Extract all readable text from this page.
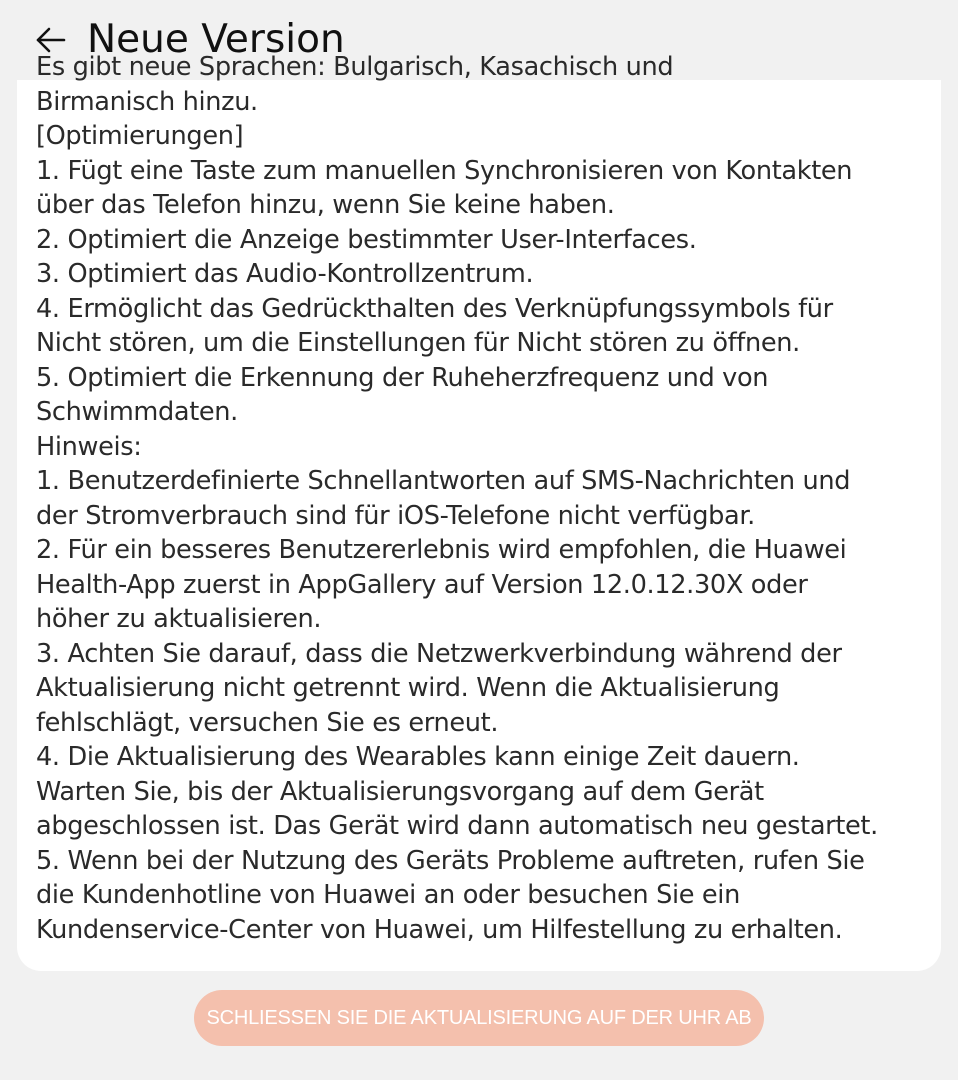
Neue Version
Es gibt neue Sprachen: Bulgarisch, Kasachisch und
Birmanisch hinzu.
[Optimierungen]
1. Fügt eine Taste zum manuellen Synchronisieren von Kontakten
über das Telefon hinzu, wenn Sie keine haben.
2. Optimiert die Anzeige bestimmter User-Interfaces.
3. Optimiert das Audio-Kontrollzentrum.
4. Ermöglicht das Gedrückthalten des Verknüpfungssymbols für
Nicht stören, um die Einstellungen für Nicht stören zu öffnen.
5. Optimiert die Erkennung der Ruheherzfrequenz und von
Schwimmdaten.
Hinweis:
1. Benutzerdefinierte Schnellantworten auf SMS-Nachrichten und
der Stromverbrauch sind für iOS-Telefone nicht verfügbar.
2. Für ein besseres Benutzererlebnis wird empfohlen, die Huawei
Health-App zuerst in AppGallery auf Version 12.0.12.30X oder
höher zu aktualisieren.
3. Achten Sie darauf, dass die Netzwerkverbindung während der
Aktualisierung nicht getrennt wird. Wenn die Aktualisierung
fehlschlägt, versuchen Sie es erneut.
4. Die Aktualisierung des Wearables kann einige Zeit dauern.
Warten Sie, bis der Aktualisierungsvorgang auf dem Gerät
abgeschlossen ist. Das Gerät wird dann automatisch neu gestartet.
5. Wenn bei der Nutzung des Geräts Probleme auftreten, rufen Sie
die Kundenhotline von Huawei an oder besuchen Sie ein
Kundenservice-Center von Huawei, um Hilfestellung zu erhalten.
SCHLIESSEN SIE DIE AKTUALISIERUNG AUF DER UHR AB
